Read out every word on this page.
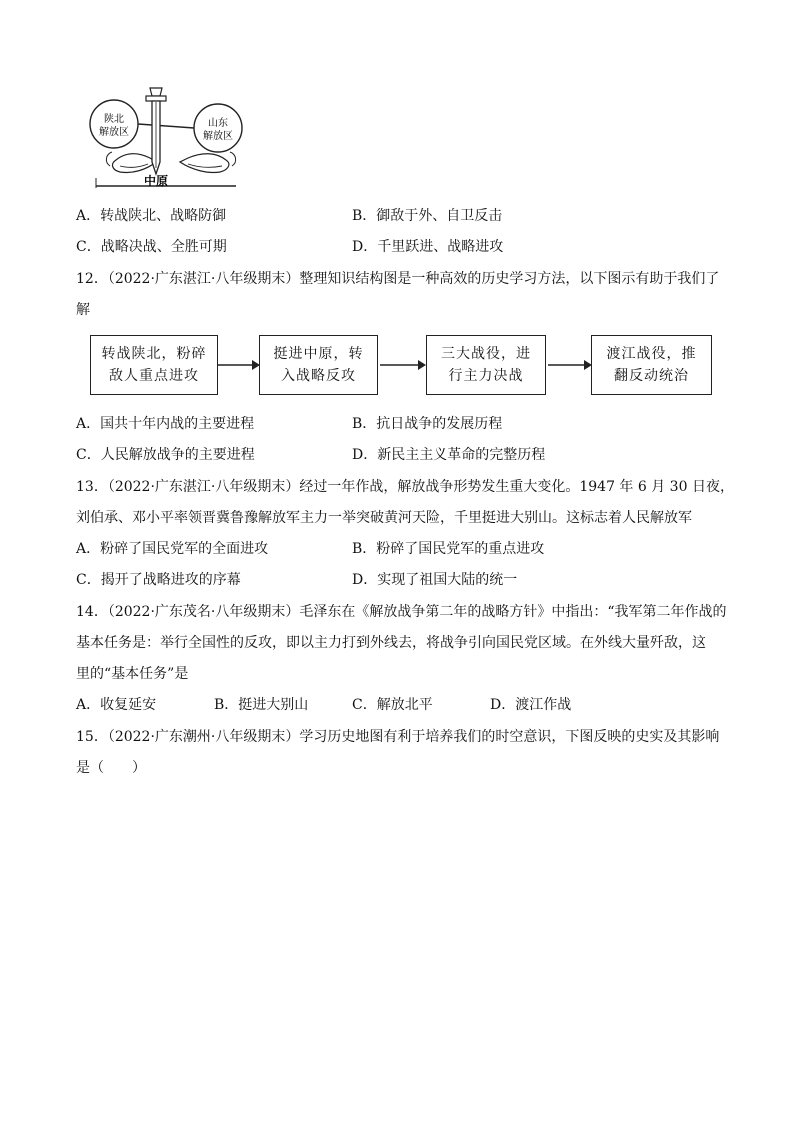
陕北
解放区
山东
解放区
中原
A．转战陕北、战略防御	B．御敌于外、自卫反击
C．战略决战、全胜可期	D．千里跃进、战略进攻
12．（2022·广东湛江·八年级期末）整理知识结构图是一种高效的历史学习方法，以下图示有助于我们了
解
转战陕北，粉碎
敌人重点进攻
挺进中原，转
入战略反攻
三大战役，进
行主力决战
渡江战役，推
翻反动统治
A．国共十年内战的主要进程	B．抗日战争的发展历程
C．人民解放战争的主要进程	D．新民主主义革命的完整历程
13．（2022·广东湛江·八年级期末）经过一年作战，解放战争形势发生重大变化。1947 年 6 月 30 日夜，
刘伯承、邓小平率领晋冀鲁豫解放军主力一举突破黄河天险，千里挺进大别山。这标志着人民解放军
A．粉碎了国民党军的全面进攻	B．粉碎了国民党军的重点进攻
C．揭开了战略进攻的序幕	D．实现了祖国大陆的统一
14．（2022·广东茂名·八年级期末）毛泽东在《解放战争第二年的战略方针》中指出：“我军第二年作战的
基本任务是：举行全国性的反攻，即以主力打到外线去，将战争引向国民党区域。在外线大量歼敌，这
里的“基本任务”是
A．收复延安	B．挺进大别山	C．解放北平	D．渡江作战
15．（2022·广东潮州·八年级期末）学习历史地图有利于培养我们的时空意识，下图反映的史实及其影响
是（　　）
